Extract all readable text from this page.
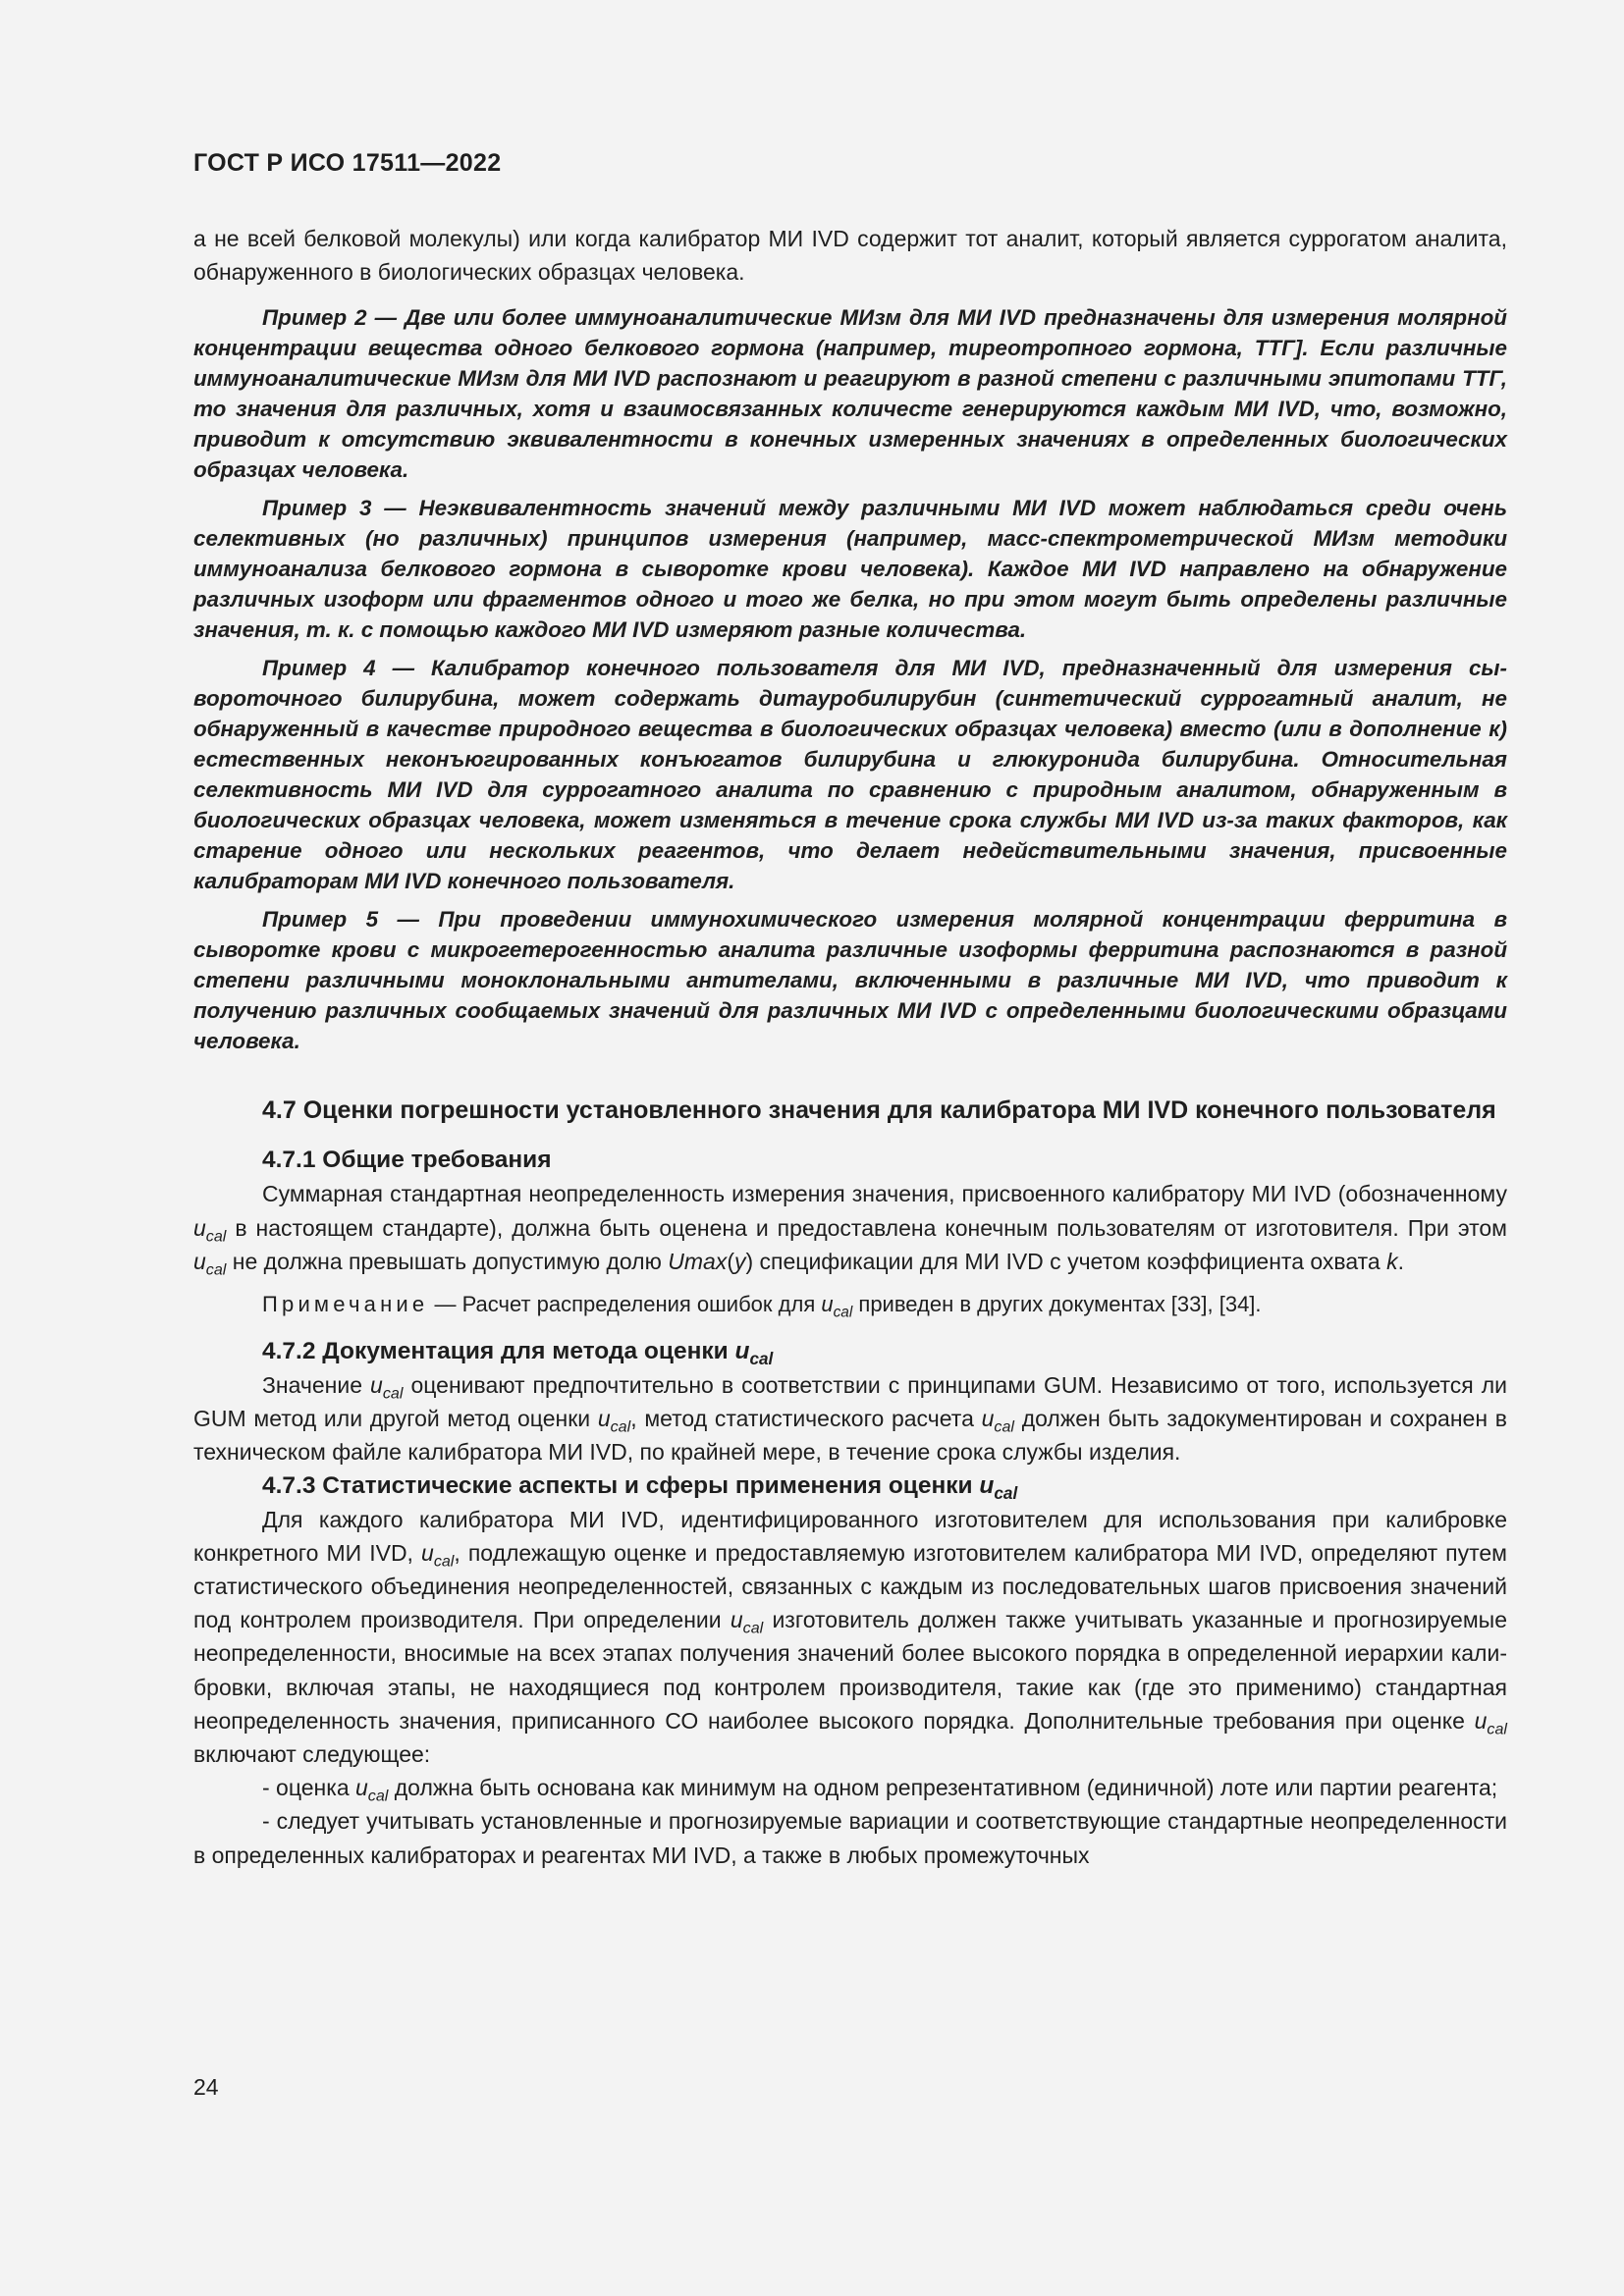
ГОСТ Р ИСО 17511—2022

а не всей белковой молекулы) или когда калибратор МИ IVD содержит тот аналит, который является суррогатом аналита, обнаруженного в биологических образцах человека.

Пример 2 — Две или более иммуноаналитические МИзм для МИ IVD предназначены для измерения молярной концентрации вещества одного белкового гормона (например, тиреотропного гормона, ТТГ]. Если различные иммуноаналитические МИзм для МИ IVD распознают и реагируют в разной степени с различными эпитопами ТТГ, то значения для различных, хотя и взаимосвязанных количесте генерируются каждым МИ IVD, что, возможно, приводит к отсутствию эквивалентности в конечных измеренных значениях в определенных биологических образцах человека.

Пример 3 — Неэквивалентность значений между различными МИ IVD может наблюдаться среди очень селективных (но различных) принципов измерения (например, масс-спектрометрической МИзм методики иммуноанализа белкового гормона в сыворотке крови человека). Каждое МИ IVD направлено на обнаружение различных изоформ или фрагментов одного и того же белка, но при этом могут быть определены различные значения, т. к. с помощью каждого МИ IVD измеряют разные количества.

Пример 4 — Калибратор конечного пользователя для МИ IVD, предназначенный для измерения сывороточного билирубина, может содержать дитауробилирубин (синтетический суррогатный аналит, не обнаруженный в качестве природного вещества в биологических образцах человека) вместо (или в дополнение к) естественных неконъюгированных конъюгатов билирубина и глюкуронида билирубина. Относительная селективность МИ IVD для суррогатного аналита по сравнению с природным аналитом, обнаруженным в биологических образцах человека, может изменяться в течение срока службы МИ IVD из-за таких факторов, как старение одного или нескольких реагентов, что делает недействительными значения, присвоенные калибраторам МИ IVD конечного пользователя.

Пример 5 — При проведении иммунохимического измерения молярной концентрации ферритина в сыворотке крови с микрогетерогенностью аналита различные изоформы ферритина распознаются в разной степени различными моноклональными антителами, включенными в различные МИ IVD, что приводит к получению различных сообщаемых значений для различных МИ IVD с определенными биологическими образцами человека.

4.7 Оценки погрешности установленного значения для калибратора МИ IVD конечного пользователя

4.7.1 Общие требования

Суммарная стандартная неопределенность измерения значения, присвоенного калибратору МИ IVD (обозначенному $u_{cal}$ в настоящем стандарте), должна быть оценена и предоставлена конечным пользователям от изготовителя. При этом $u_{cal}$ не должна превышать допустимую долю Umax(y) спецификации для МИ IVD с учетом коэффициента охвата k.

Примечание — Расчет распределения ошибок для $u_{cal}$ приведен в других документах [33], [34].

4.7.2 Документация для метода оценки $u_{cal}$

Значение $u_{cal}$ оценивают предпочтительно в соответствии с принципами GUM. Независимо от того, используется ли GUM метод или другой метод оценки $u_{cal}$, метод статистического расчета $u_{cal}$ должен быть задокументирован и сохранен в техническом файле калибратора МИ IVD, по крайней мере, в течение срока службы изделия.

4.7.3 Статистические аспекты и сферы применения оценки $u_{cal}$

Для каждого калибратора МИ IVD, идентифицированного изготовителем для использования при калибровке конкретного МИ IVD, $u_{cal}$, подлежащую оценке и предоставляемую изготовителем калибратора МИ IVD, определяют путем статистического объединения неопределенностей, связанных с каждым из последовательных шагов присвоения значений под контролем производителя. При определении $u_{cal}$ изготовитель должен также учитывать указанные и прогнозируемые неопределенности, вносимые на всех этапах получения значений более высокого порядка в определенной иерархии калибровки, включая этапы, не находящиеся под контролем производителя, такие как (где это применимо) стандартная неопределенность значения, приписанного СО наиболее высокого порядка. Дополнительные требования при оценке $u_{cal}$ включают следующее:

- оценка $u_{cal}$ должна быть основана как минимум на одном репрезентативном (единичной) лоте или партии реагента;

- следует учитывать установленные и прогнозируемые вариации и соответствующие стандартные неопределенности в определенных калибраторах и реагентах МИ IVD, а также в любых промежуточных

24
